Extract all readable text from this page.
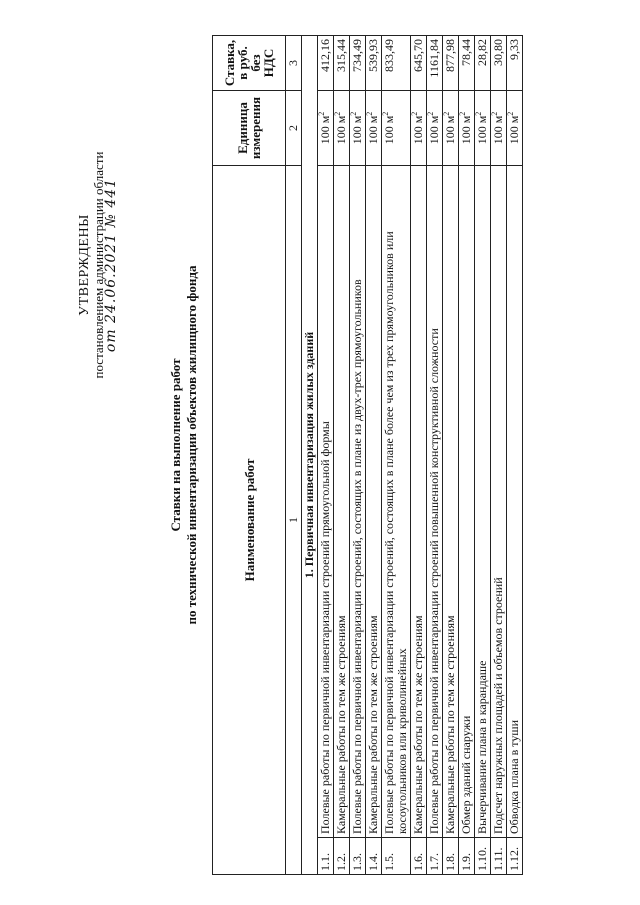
УТВЕРЖДЕНЫ постановлением администрации области
от 24.06.2021 № 441
Ставки на выполнение работ по технической инвентаризации объектов жилищного фонда	Наименование работ		Единица измерения	Ставка, в руб. без НДС
1		2	3
1. Первичная инвентаризация жилых зданий			
1.1.	Полевые работы по первичной инвентаризации строений прямоугольной формы	100 $м^2$	412,16
1.2.	Камеральные работы по тем же строениям	100 $м^2$	315,44
1.3.	Полевые работы по первичной инвентаризации строений, состоящих в плане из двух-трех прямоугольников	100 $м^2$	734,49
1.4.	Камеральные работы по тем же строениям	100 $м^2$	539,93
1.5.	Полевые работы по первичной инвентаризации строений, состоящих в плане более чем из трех прямоугольников или косоугольников или криволинейных	100 $м^2$	833,49
1.6.	Камеральные работы по тем же строениям	100 $м^2$	645,70
1.7.	Полевые работы по первичной инвентаризации строений повышенной конструктивной сложности	100 $м^2$	1161,84
1.8.	Камеральные работы по тем же строениям	100 $м^2$	877,98
1.9.	Обмер зданий снаружи	100 $м^2$	78,44
1.10.	Вычерчивание плана в карандаше	100 $м^2$	28,82
1.11.	Подсчет наружных площадей и объемов строений	100 $м^2$	30,80
1.12.	Обводка плана в туши	100 $м^2$	9,33
